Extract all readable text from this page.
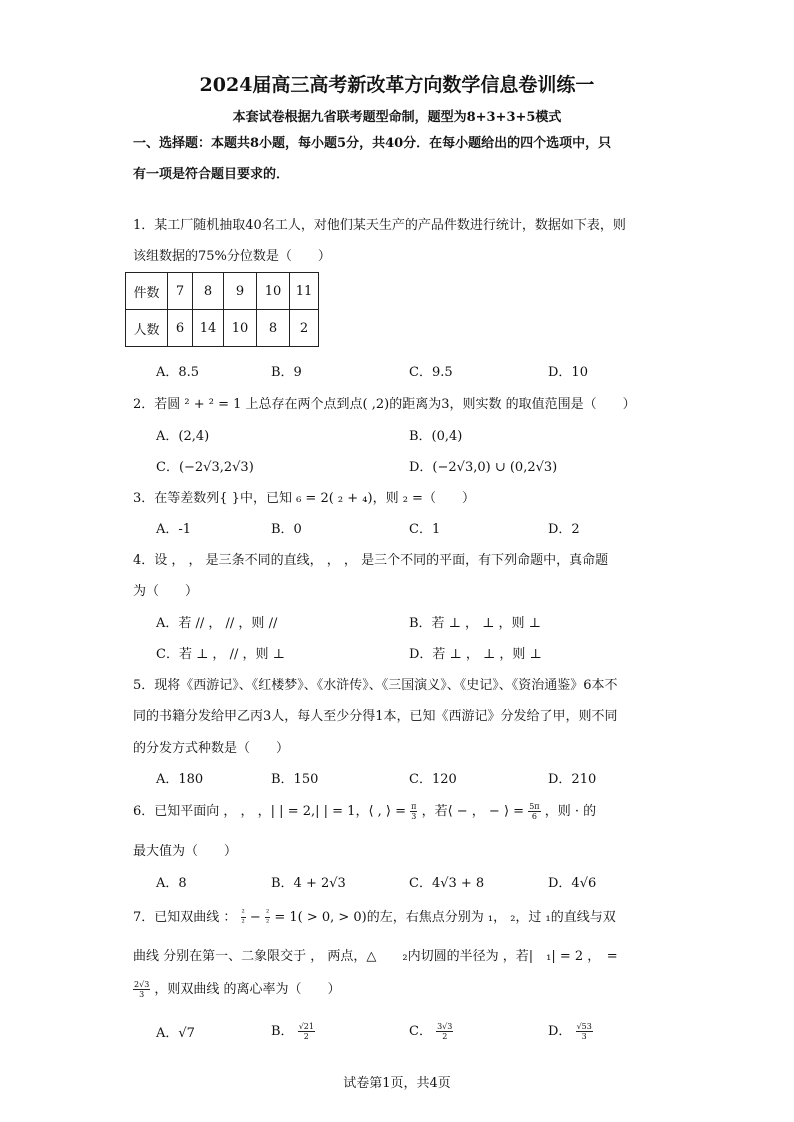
2024届高三高考新改革方向数学信息卷训练一
本套试卷根据九省联考题型命制，题型为8+3+3+5模式
一、选择题：本题共8小题，每小题5分，共40分．在每小题给出的四个选项中，只
有一项是符合题目要求的．
1．某工厂随机抽取40名工人，对他们某天生产的产品件数进行统计，数据如下表，则
该组数据的75%分位数是（　　）
件数	7	8	9	10	11
人数	6	14	10	8	2
A．8.5	B．9	C．9.5	D．10
2．若圆 ² + ² = 1 上总存在两个点到点( ,2)的距离为3，则实数 的取值范围是（　　）
A．(2,4)	B．(0,4)
C．(−2√3,2√3)	D．(−2√3,0) ∪ (0,2√3)
3．在等差数列{ }中，已知 ₆ = 2( ₂ + ₄)，则 ₂ =（　　）
A．-1	B．0	C．1	D．2
4．设 ， ， 是三条不同的直线， ， ， 是三个不同的平面，有下列命题中，真命题
为（　　）
A．若 // ， // ，则 //	B．若 ⊥ ， ⊥ ，则 ⊥
C．若 ⊥ ， // ，则 ⊥	D．若 ⊥ ， ⊥ ，则 ⊥
5．现将《西游记》、《红楼梦》、《水浒传》、《三国演义》、《史记》、《资治通鉴》6本不
同的书籍分发给甲乙丙3人，每人至少分得1本，已知《西游记》分发给了甲，则不同
的分发方式种数是（　　）
A．180	B．150	C．120	D．210
6．已知平面向 ， ， ，| | = 2,| | = 1，⟨ , ⟩ = $\frac{\pi}{3}$ ，若⟨ − ， − ⟩ = $\frac{5\pi}{6}$ ，则 · 的
最大值为（　　）
A．8	B．4 + 2√3	C．4√3 + 8	D．4√6
7．已知双曲线 ： $\frac{\text{²}}{\text{²}} - \frac{\text{²}}{\text{²}} = 1( > 0$, > 0)的左，右焦点分别为 ₁， ₂，过 ₁的直线与双
曲线 分别在第一、二象限交于 ， 两点，△　　₂内切圆的半径为 ，若|　₁| = 2 ，　=
$\frac{2√3}{3}$ ，则双曲线 的离心率为（　　）
A．√7	B． $\frac{√21}{2}$	C． $\frac{3√3}{2}$	D． $\frac{√53}{3}$
试卷第1页，共4页
